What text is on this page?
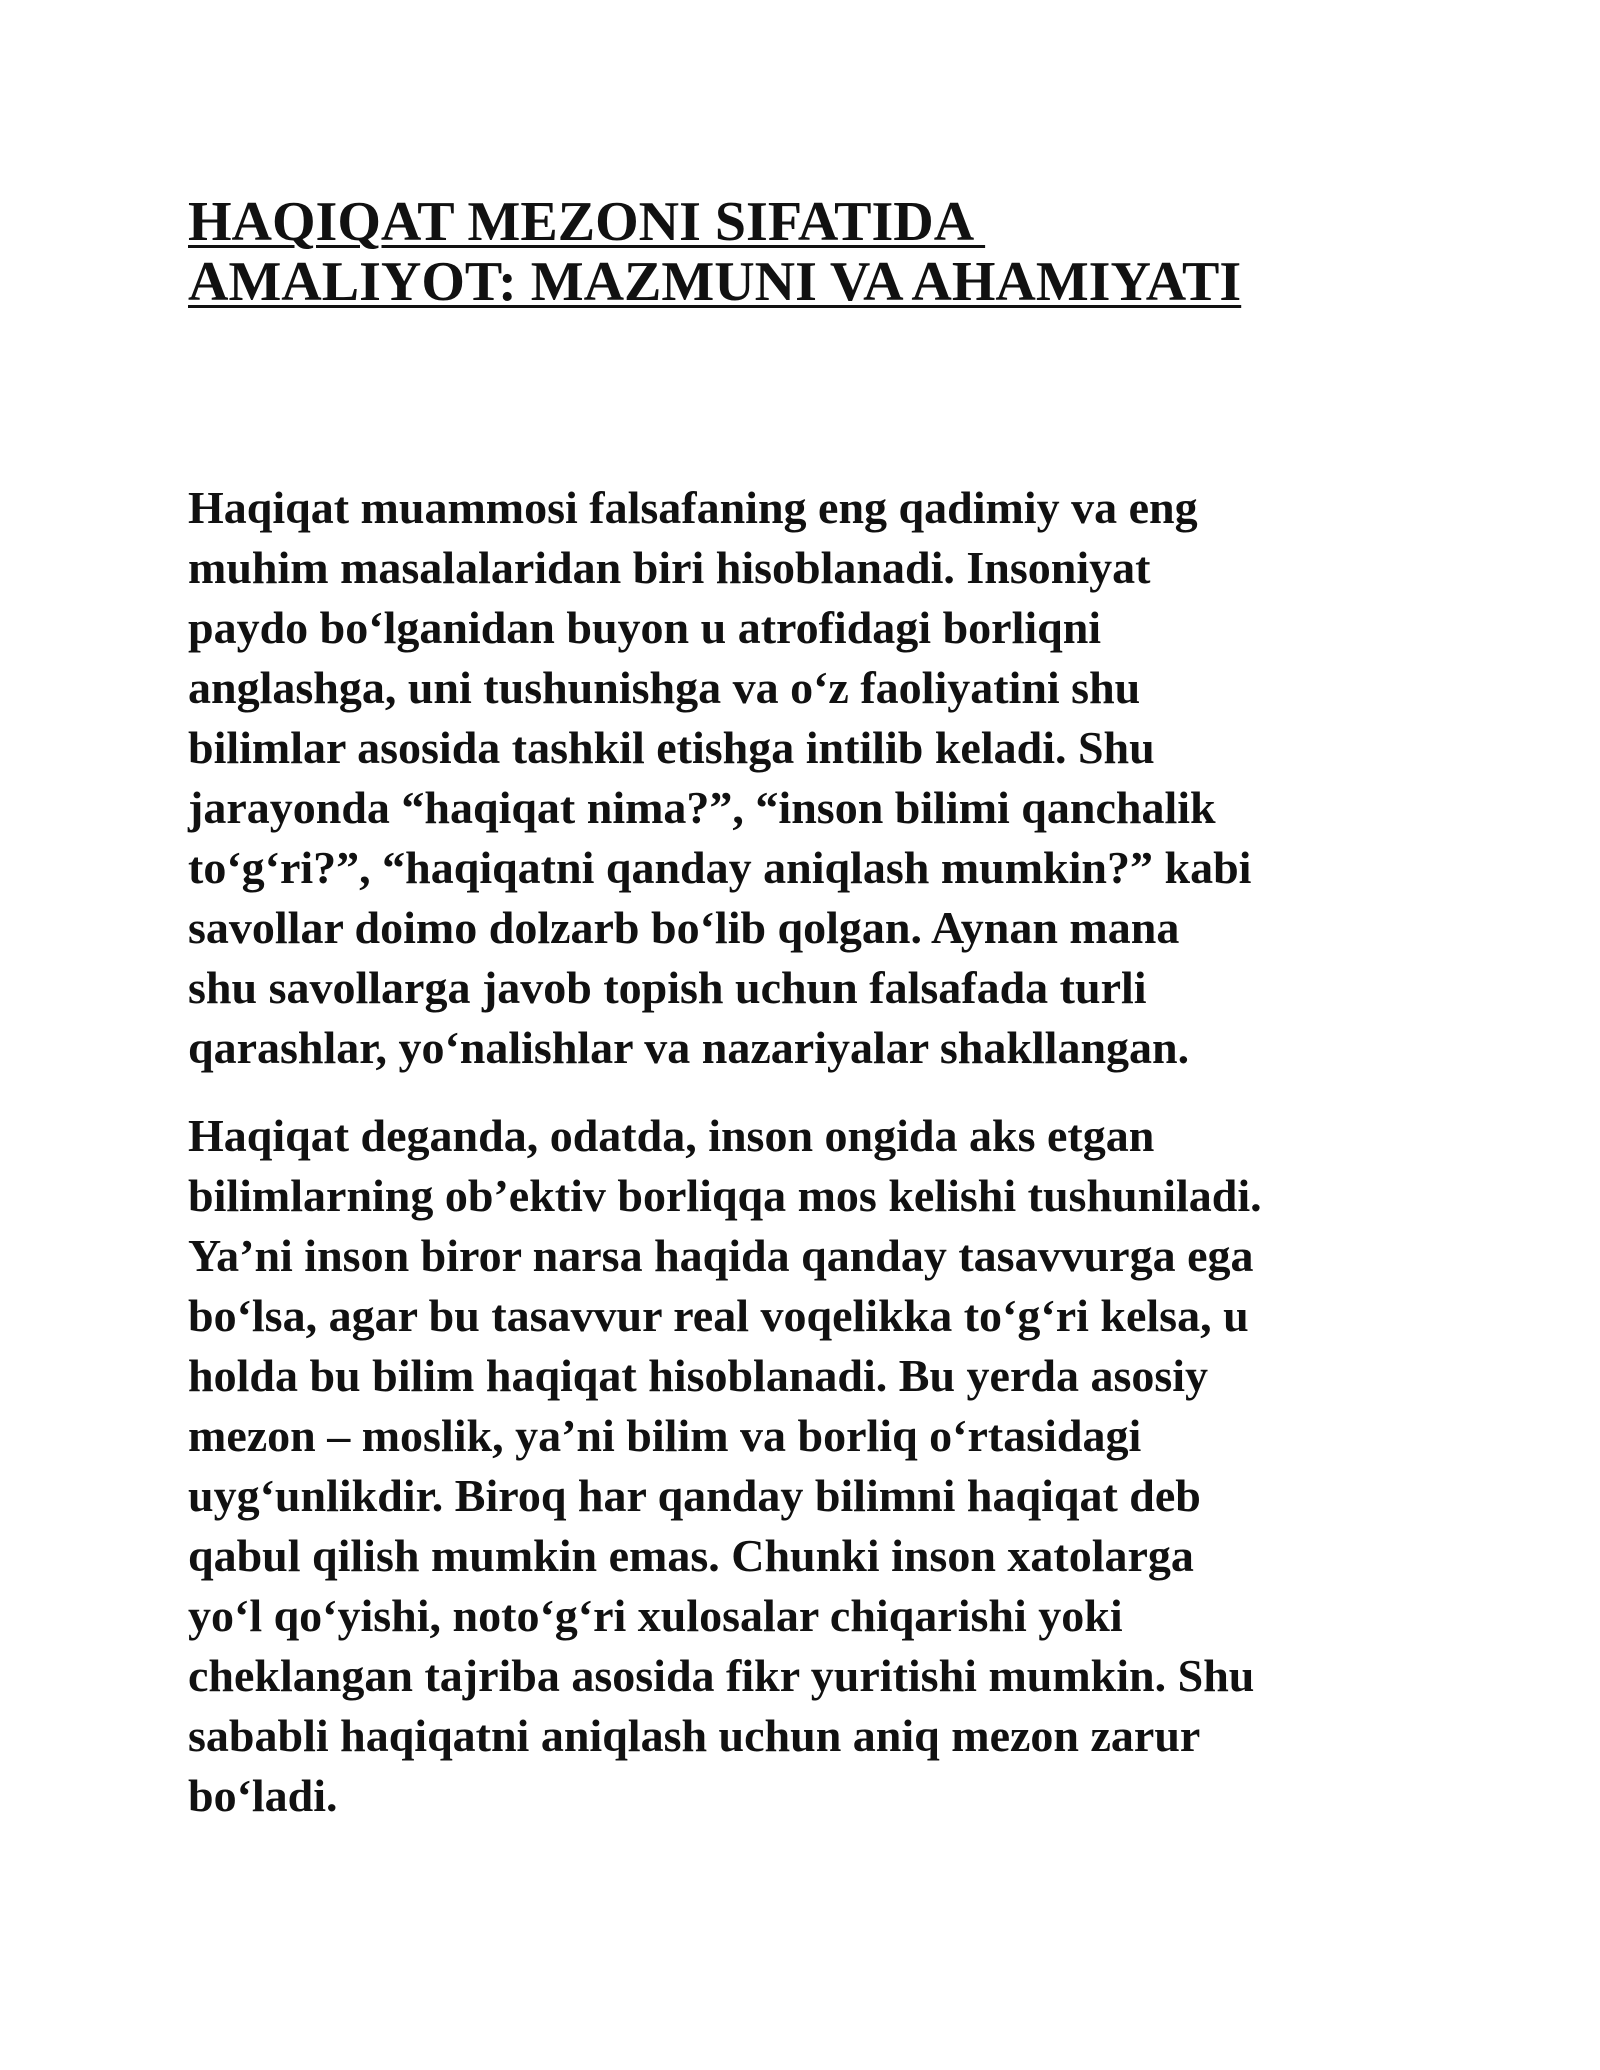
HAQIQAT MEZONI SIFATIDA
AMALIYOT: MAZMUNI VA AHAMIYATI

Haqiqat muammosi falsafaning eng qadimiy va eng
muhim masalalaridan biri hisoblanadi. Insoniyat
paydo bo‘lganidan buyon u atrofidagi borliqni
anglashga, uni tushunishga va o‘z faoliyatini shu
bilimlar asosida tashkil etishga intilib keladi. Shu
jarayonda “haqiqat nima?”, “inson bilimi qanchalik
to‘g‘ri?”, “haqiqatni qanday aniqlash mumkin?” kabi
savollar doimo dolzarb bo‘lib qolgan. Aynan mana
shu savollarga javob topish uchun falsafada turli
qarashlar, yo‘nalishlar va nazariyalar shakllangan.

Haqiqat deganda, odatda, inson ongida aks etgan
bilimlarning ob’ektiv borliqqa mos kelishi tushuniladi.
Ya’ni inson biror narsa haqida qanday tasavvurga ega
bo‘lsa, agar bu tasavvur real voqelikka to‘g‘ri kelsa, u
holda bu bilim haqiqat hisoblanadi. Bu yerda asosiy
mezon – moslik, ya’ni bilim va borliq o‘rtasidagi
uyg‘unlikdir. Biroq har qanday bilimni haqiqat deb
qabul qilish mumkin emas. Chunki inson xatolarga
yo‘l qo‘yishi, noto‘g‘ri xulosalar chiqarishi yoki
cheklangan tajriba asosida fikr yuritishi mumkin. Shu
sababli haqiqatni aniqlash uchun aniq mezon zarur
bo‘ladi.
